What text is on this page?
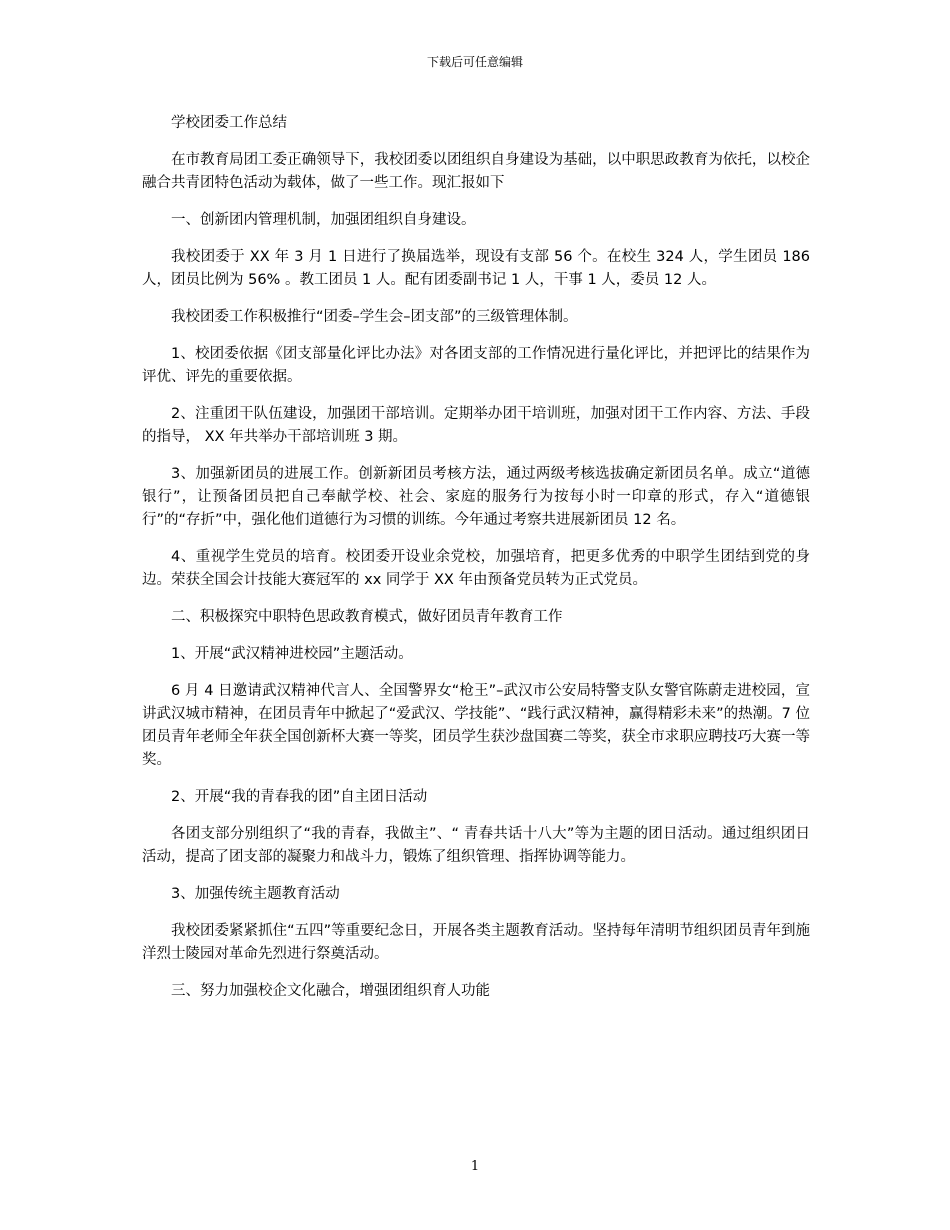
下载后可任意编辑

学校团委工作总结

在市教育局团工委正确领导下，我校团委以团组织自身建设为基础，以中职思政教育为依托，以校企融合共青团特色活动为载体，做了一些工作。现汇报如下

一、创新团内管理机制，加强团组织自身建设。

我校团委于 XX 年 3 月 1 日进行了换届选举，现设有支部 56 个。在校生 324 人，学生团员 186 人，团员比例为 56% 。教工团员 1 人。配有团委副书记 1 人，干事 1 人，委员 12 人。

我校团委工作积极推行“团委–学生会–团支部”的三级管理体制。

1、校团委依据《团支部量化评比办法》对各团支部的工作情况进行量化评比，并把评比的结果作为评优、评先的重要依据。

2、注重团干队伍建设，加强团干部培训。定期举办团干培训班，加强对团干工作内容、方法、手段的指导， XX 年共举办干部培训班 3 期。

3、加强新团员的进展工作。创新新团员考核方法，通过两级考核选拔确定新团员名单。成立“道德银行”，让预备团员把自己奉献学校、社会、家庭的服务行为按每小时一印章的形式，存入“道德银行”的“存折”中，强化他们道德行为习惯的训练。今年通过考察共进展新团员 12 名。

4、重视学生党员的培育。校团委开设业余党校，加强培育，把更多优秀的中职学生团结到党的身边。荣获全国会计技能大赛冠军的 xx 同学于 XX 年由预备党员转为正式党员。

二、积极探究中职特色思政教育模式，做好团员青年教育工作

1、开展“武汉精神进校园”主题活动。

6 月 4 日邀请武汉精神代言人、全国警界女“枪王”–武汉市公安局特警支队女警官陈蔚走进校园，宣讲武汉城市精神，在团员青年中掀起了“爱武汉、学技能”、“践行武汉精神，赢得精彩未来”的热潮。7 位团员青年老师全年获全国创新杯大赛一等奖，团员学生获沙盘国赛二等奖，获全市求职应聘技巧大赛一等奖。

2、开展“我的青春我的团”自主团日活动

各团支部分别组织了“我的青春，我做主”、“ 青春共话十八大”等为主题的团日活动。通过组织团日活动，提高了团支部的凝聚力和战斗力，锻炼了组织管理、指挥协调等能力。

3、加强传统主题教育活动

我校团委紧紧抓住“五四”等重要纪念日，开展各类主题教育活动。坚持每年清明节组织团员青年到施洋烈士陵园对革命先烈进行祭奠活动。

三、努力加强校企文化融合，增强团组织育人功能

1
